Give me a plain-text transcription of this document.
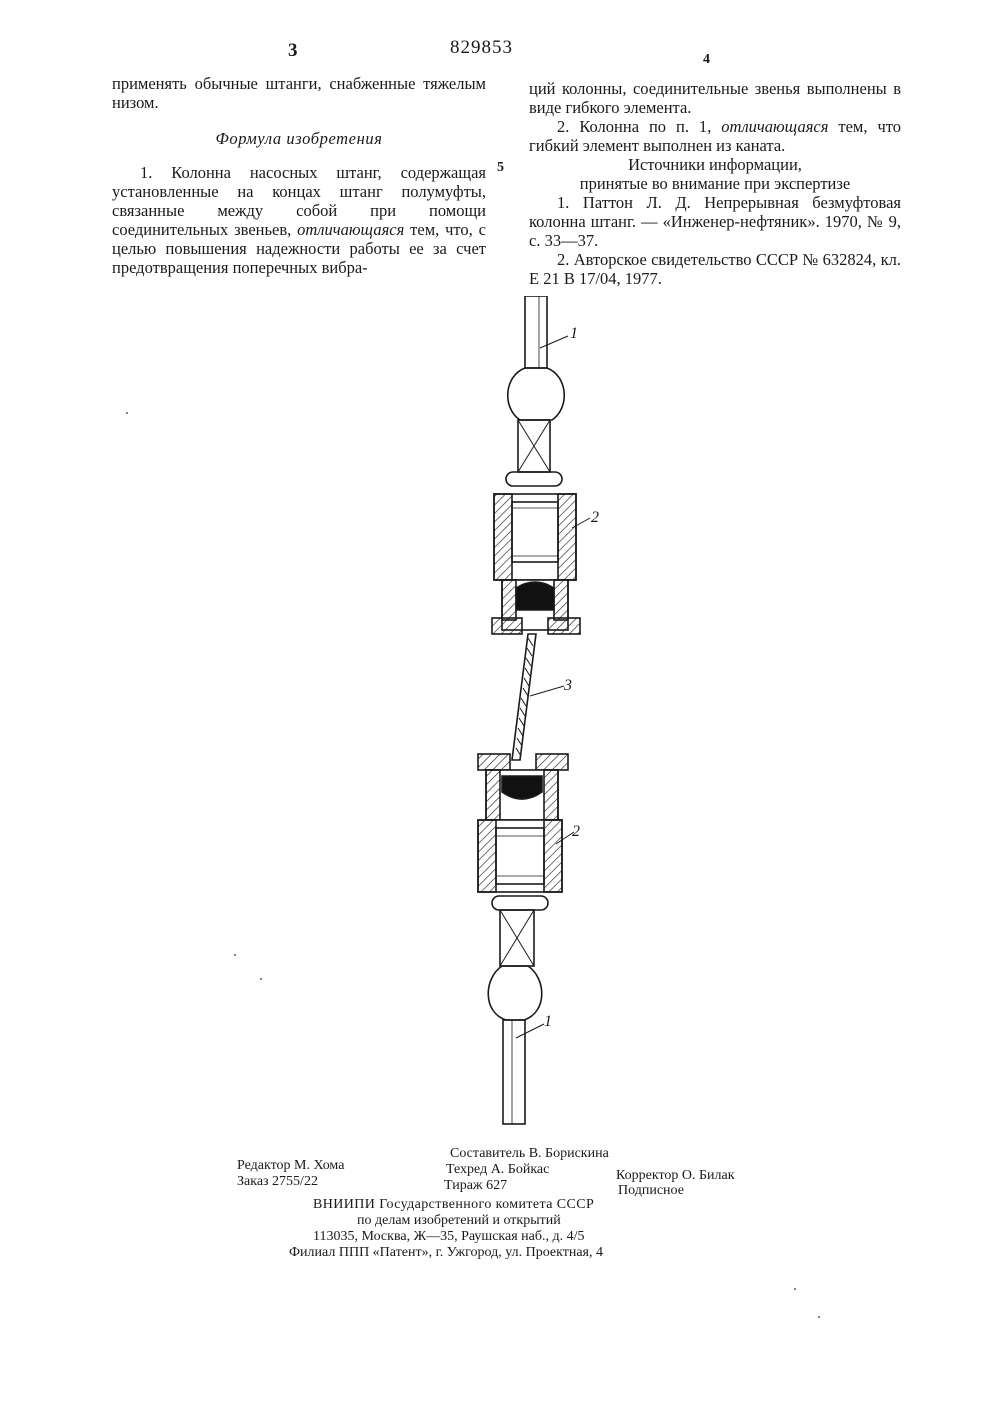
3	829853
4

применять обычные штанги, снабженные тяжелым низом.

Формула изобретения

1. Колонна насосных штанг, содержащая установленные на концах штанг полумуфты, связанные между собой при помощи соединительных звеньев, отличающаяся тем, что, с целью повышения надежности работы ее за счет предотвращения поперечных вибра-

5

ций колонны, соединительные звенья выполнены в виде гибкого элемента.

2. Колонна по п. 1, отличающаяся тем, что гибкий элемент выполнен из каната.

Источники информации,

принятые во внимание при экспертизе

1. Паттон Л. Д. Непрерывная безмуфтовая колонна штанг. — «Инженер-нефтяник». 1970, № 9, с. 33—37.

2. Авторское свидетельство СССР № 632824, кл. Е 21 В 17/04, 1977.

1
2
3
2
1
Составитель В. Борискина
Редактор М. Хома	Техред А. Бойкас	Корректор О. Билак
Заказ 2755/22	Тираж 627	Подписное
ВНИИПИ Государственного комитета СССР
по делам изобретений и открытий
113035, Москва, Ж—35, Раушская наб., д. 4/5
Филиал ППП «Патент», г. Ужгород, ул. Проектная, 4
